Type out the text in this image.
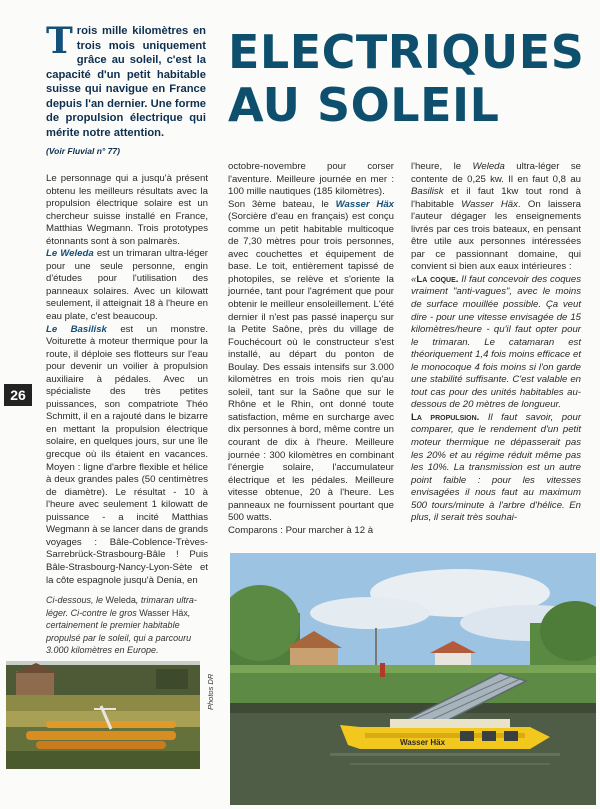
T rois mille kilomètres en trois mois uniquement grâce au soleil, c'est la capacité d'un petit habitable suisse qui navigue en France depuis l'an dernier. Une forme de propulsion électrique qui mérite notre attention.
(Voir Fluvial n° 77)
ELECTRIQUES
AU SOLEIL

Le personnage qui a jusqu'à présent obtenu les meilleurs résultats avec la propulsion électrique solaire est un chercheur suisse installé en France, Matthias Wegmann. Trois prototypes étonnants sont à son palmarès.

Le Weleda est un trimaran ultra-léger pour une seule personne, engin d'études pour l'utilisation des panneaux solaires. Avec un kilowatt seulement, il atteignait 18 à l'heure en eau plate, c'est beaucoup.

Le Basilisk est un monstre. Voiturette à moteur thermique pour la route, il déploie ses flotteurs sur l'eau pour devenir un voilier à propulsion auxiliaire à pédales. Avec un spécialiste des très petites puissances, son compatriote Théo Schmitt, il en a rajouté dans le bizarre en mettant la propulsion électrique solaire, en quelques jours, sur une île grecque où ils étaient en vacances. Moyen : ligne d'arbre flexible et hélice à deux grandes pales (50 centimètres de diamètre). Le résultat - 10 à l'heure avec seulement 1 kilowatt de puissance - a incité Matthias Wegmann à se lancer dans de grands voyages : Bâle-Coblence-Trèves-Sarrebrück-Strasbourg-Bâle ! Puis Bâle-Strasbourg-Nancy-Lyon-Sète et la côte espagnole jusqu'à Denia, en

octobre-novembre pour corser l'aventure. Meilleure journée en mer : 100 mille nautiques (185 kilomètres).

Son 3ème bateau, le Wasser Häx (Sorcière d'eau en français) est conçu comme un petit habitable multicoque de 7,30 mètres pour trois personnes, avec couchettes et équipement de base. Le toit, entièrement tapissé de photopiles, se relève et s'oriente la journée, tant pour l'agrément que pour obtenir le meilleur ensoleillement. L'été dernier il n'est pas passé inaperçu sur la Petite Saône, près du village de Fouchécourt où le constructeur s'est installé, au départ du ponton de Boulay. Des essais intensifs sur 3.000 kilomètres en trois mois rien qu'au soleil, tant sur la Saône que sur le Rhône et le Rhin, ont donné toute satisfaction, même en surcharge avec dix personnes à bord, même contre un courant de dix à l'heure. Meilleure journée : 300 kilomètres en combinant l'énergie solaire, l'accumulateur électrique et les pédales. Meilleure vitesse obtenue, 20 à l'heure. Les panneaux ne fournissent pourtant que 500 watts.

Comparons : Pour marcher à 12 à

l'heure, le Weleda ultra-léger se contente de 0,25 kw. Il en faut 0,8 au Basilisk et il faut 1kw tout rond à l'habitable Wasser Häx. On laissera l'auteur dégager les enseignements livrés par ces trois bateaux, en pensant être utile aux personnes intéressées par ce passionnant domaine, qui convient si bien aux eaux intérieures :

«La coque. Il faut concevoir des coques vraiment "anti-vagues", avec le moins de surface mouillée possible. Ça veut dire - pour une vitesse envisagée de 15 kilomètres/heure - qu'il faut opter pour le trimaran. Le catamaran est théoriquement 1,4 fois moins efficace et le monocoque 4 fois moins si l'on garde une stabilité suffisante. C'est valable en tout cas pour des unités habitables au-dessous de 20 mètres de longueur.

La propulsion. Il faut savoir, pour comparer, que le rendement d'un petit moteur thermique ne dépasserait pas les 20% et au régime réduit même pas les 10%. La transmission est un autre point faible : pour les vitesses envisagées il nous faut au maximum 500 tours/minute à l'arbre d'hélice. En plus, il serait très souhai-

26
Ci-dessous, le Weleda, trimaran ultra-léger. Ci-contre le gros Wasser Häx, certainement le premier habitable propulsé par le soleil, qui a parcouru 3.000 kilomètres en Europe.
Photos DR
Wasser Häx
